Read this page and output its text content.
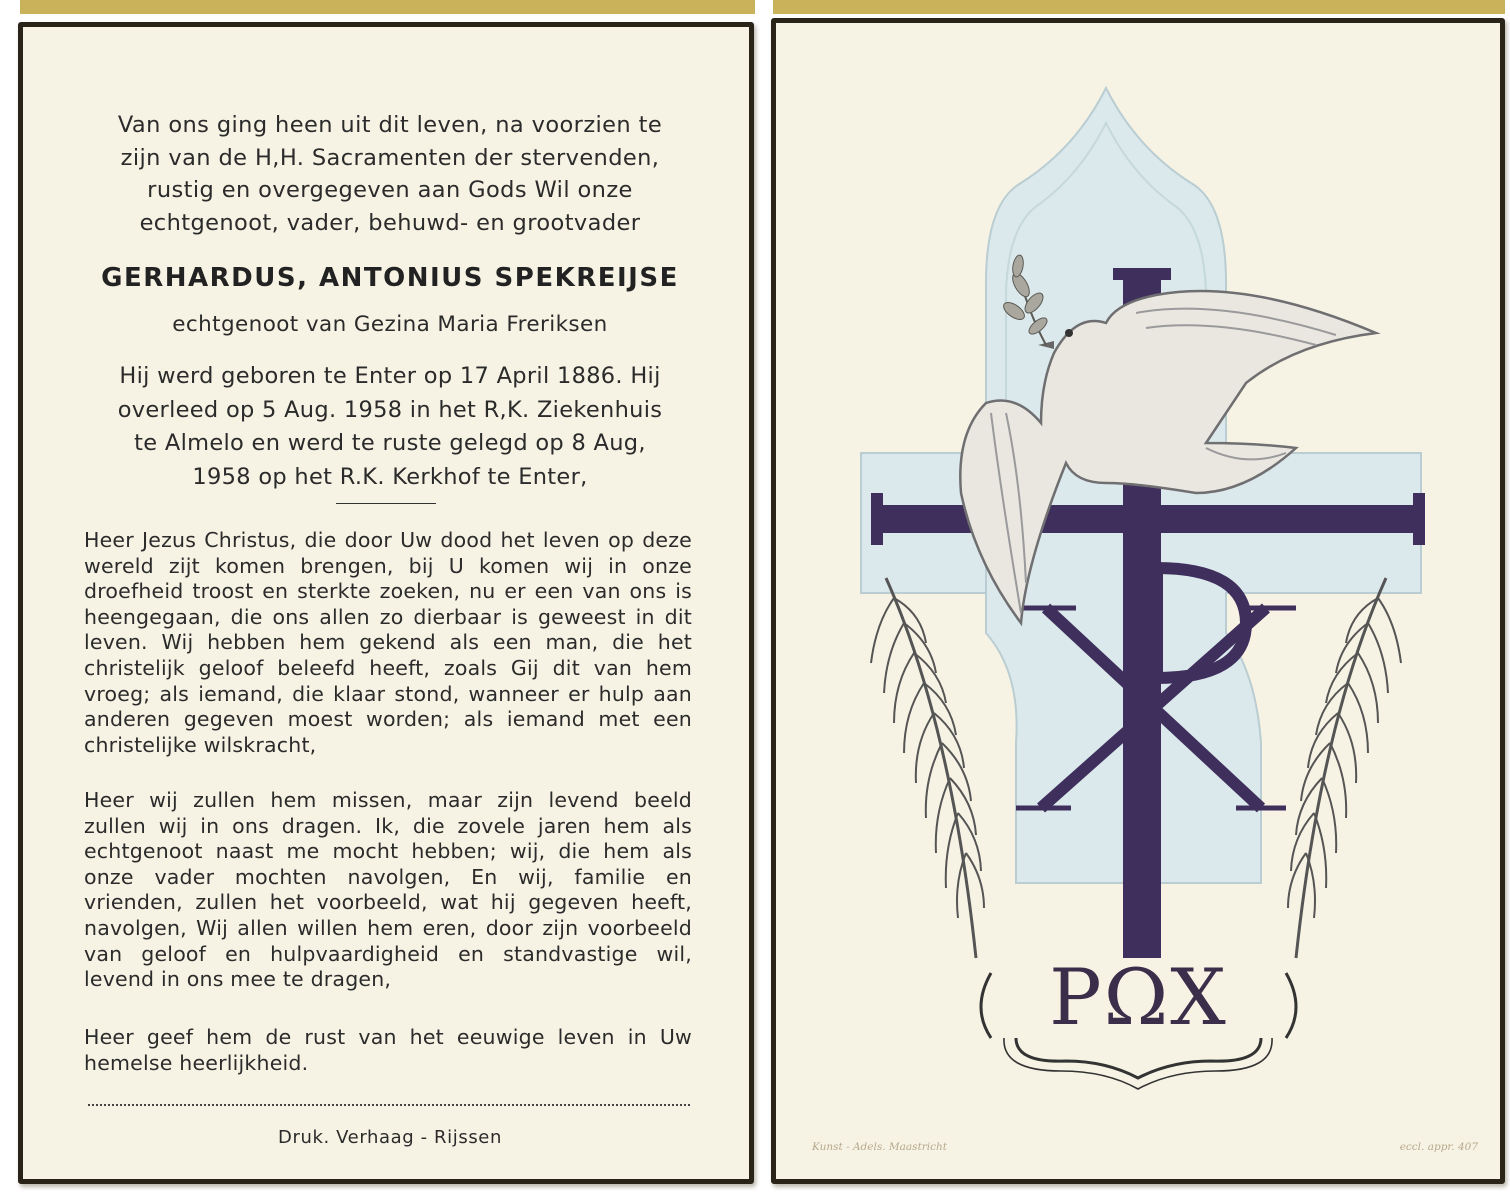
Van ons ging heen uit dit leven, na voorzien te
zijn van de H,H. Sacramenten der stervenden,
rustig en overgegeven aan Gods Wil onze
echtgenoot, vader, behuwd- en grootvader

GERHARDUS, ANTONIUS SPEKREIJSE
echtgenoot van Gezina Maria Freriksen

Hij werd geboren te Enter op 17 April 1886. Hij
overleed op 5 Aug. 1958 in het R,K. Ziekenhuis
te Almelo en werd te ruste gelegd op 8 Aug,
1958 op het R.K. Kerkhof te Enter,

Heer Jezus Christus, die door Uw dood het leven op deze wereld zijt komen brengen, bij U komen wij in onze droefheid troost en sterkte zoeken, nu er een van ons is heengegaan, die ons allen zo dierbaar is geweest in dit leven. Wij hebben hem gekend als een man, die het christelijk geloof beleefd heeft, zoals Gij dit van hem vroeg; als iemand, die klaar stond, wanneer er hulp aan anderen gegeven moest worden; als iemand met een christelijke wilskracht,

Heer wij zullen hem missen, maar zijn levend beeld zullen wij in ons dragen. Ik, die zovele jaren hem als echtgenoot naast me mocht hebben; wij, die hem als onze vader mochten navolgen, En wij, familie en vrienden, zullen het voorbeeld, wat hij gegeven heeft, navolgen, Wij allen willen hem eren, door zijn voorbeeld van geloof en hulpvaardigheid en standvastige wil, levend in ons mee te dragen,

Heer geef hem de rust van het eeuwige leven in Uw hemelse heerlijkheid.

Druk. Verhaag - Rijssen
PΩX
Kunst - Adels. Maastricht	eccl. appr. 407
